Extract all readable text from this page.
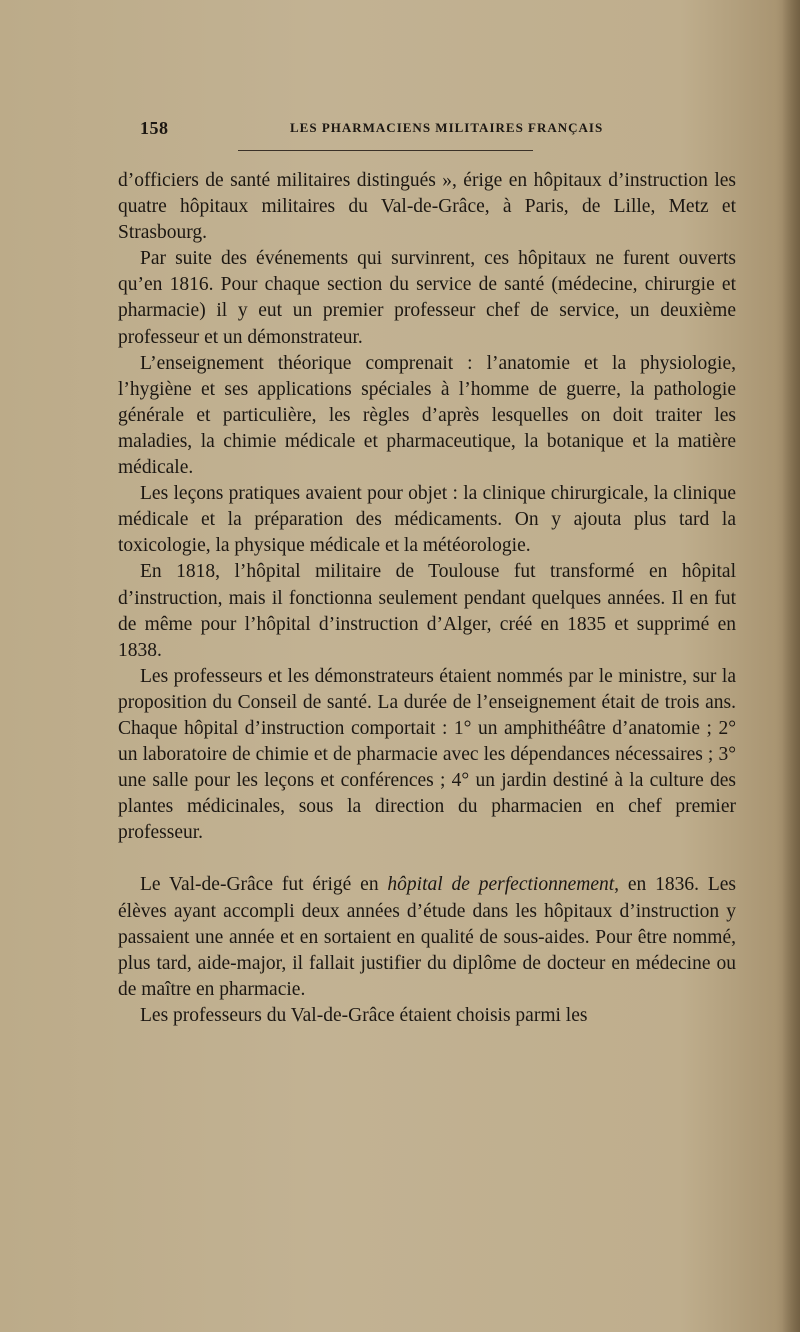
158	LES PHARMACIENS MILITAIRES FRANÇAIS

d’officiers de santé militaires distingués », érige en hôpitaux d’instruction les quatre hôpitaux militaires du Val-de-Grâce, à Paris, de Lille, Metz et Strasbourg.

Par suite des événements qui survinrent, ces hôpitaux ne furent ouverts qu’en 1816. Pour chaque section du service de santé (médecine, chirurgie et pharmacie) il y eut un premier professeur chef de service, un deuxième professeur et un démonstrateur.

L’enseignement théorique comprenait : l’anatomie et la physiologie, l’hygiène et ses applications spéciales à l’homme de guerre, la pathologie générale et particulière, les règles d’après lesquelles on doit traiter les maladies, la chimie médicale et pharmaceutique, la botanique et la matière médicale.

Les leçons pratiques avaient pour objet : la clinique chirurgicale, la clinique médicale et la préparation des médicaments. On y ajouta plus tard la toxicologie, la physique médicale et la météorologie.

En 1818, l’hôpital militaire de Toulouse fut transformé en hôpital d’instruction, mais il fonctionna seulement pendant quelques années. Il en fut de même pour l’hôpital d’instruction d’Alger, créé en 1835 et supprimé en 1838.

Les professeurs et les démonstrateurs étaient nommés par le ministre, sur la proposition du Conseil de santé. La durée de l’enseignement était de trois ans. Chaque hôpital d’instruction comportait : 1° un amphithéâtre d’anatomie ; 2° un laboratoire de chimie et de pharmacie avec les dépendances nécessaires ; 3° une salle pour les leçons et conférences ; 4° un jardin destiné à la culture des plantes médicinales, sous la direction du pharmacien en chef premier professeur.

Le Val-de-Grâce fut érigé en hôpital de perfectionnement, en 1836. Les élèves ayant accompli deux années d’étude dans les hôpitaux d’instruction y passaient une année et en sortaient en qualité de sous-aides. Pour être nommé, plus tard, aide-major, il fallait justifier du diplôme de docteur en médecine ou de maître en pharmacie.

Les professeurs du Val-de-Grâce étaient choisis parmi les
